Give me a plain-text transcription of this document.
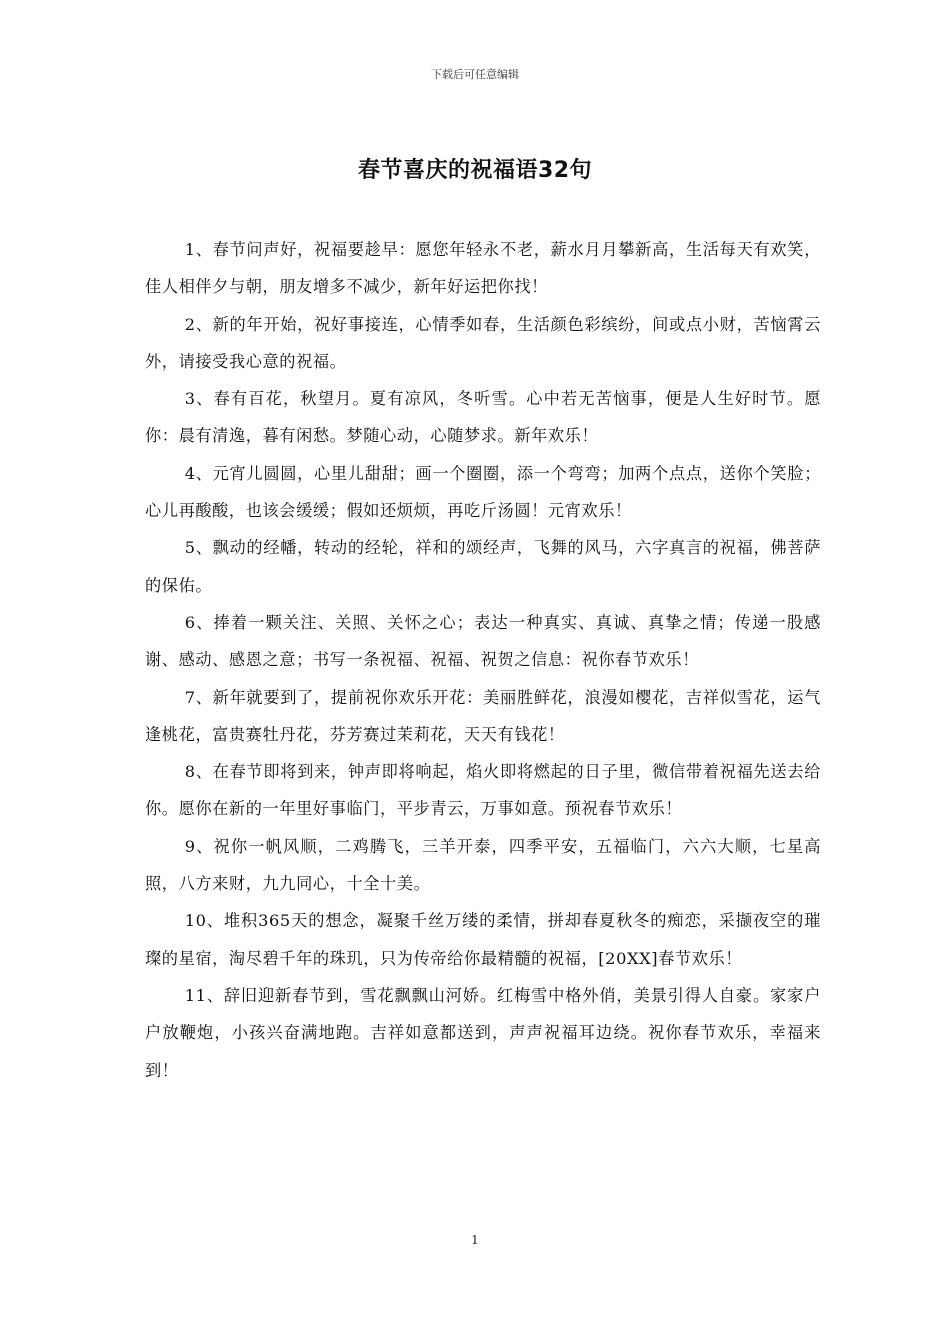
下载后可任意编辑
春节喜庆的祝福语32句

1、春节问声好，祝福要趁早：愿您年轻永不老，薪水月月攀新高，生活每天有欢笑，佳人相伴夕与朝，朋友增多不减少，新年好运把你找！

2、新的年开始，祝好事接连，心情季如春，生活颜色彩缤纷，间或点小财，苦恼霄云外，请接受我心意的祝福。

3、春有百花，秋望月。夏有凉风，冬听雪。心中若无苦恼事，便是人生好时节。愿你：晨有清逸，暮有闲愁。梦随心动，心随梦求。新年欢乐！

4、元宵儿圆圆，心里儿甜甜；画一个圈圈，添一个弯弯；加两个点点，送你个笑脸；心儿再酸酸，也该会缓缓；假如还烦烦，再吃斤汤圆！元宵欢乐！

5、飘动的经幡，转动的经轮，祥和的颂经声，飞舞的风马，六字真言的祝福，佛菩萨的保佑。

6、捧着一颗关注、关照、关怀之心；表达一种真实、真诚、真挚之情；传递一股感谢、感动、感恩之意；书写一条祝福、祝福、祝贺之信息：祝你春节欢乐！

7、新年就要到了，提前祝你欢乐开花：美丽胜鲜花，浪漫如樱花，吉祥似雪花，运气逢桃花，富贵赛牡丹花，芬芳赛过茉莉花，天天有钱花！

8、在春节即将到来，钟声即将响起，焰火即将燃起的日子里，微信带着祝福先送去给你。愿你在新的一年里好事临门，平步青云，万事如意。预祝春节欢乐！

9、祝你一帆风顺，二鸡腾飞，三羊开泰，四季平安，五福临门，六六大顺，七星高照，八方来财，九九同心，十全十美。

10、堆积365天的想念，凝聚千丝万缕的柔情，拼却春夏秋冬的痴恋，采撷夜空的璀璨的星宿，淘尽碧千年的珠玑，只为传帝给你最精髓的祝福，[20XX]春节欢乐！

11、辞旧迎新春节到，雪花飘飘山河娇。红梅雪中格外俏，美景引得人自豪。家家户户放鞭炮，小孩兴奋满地跑。吉祥如意都送到，声声祝福耳边绕。祝你春节欢乐，幸福来到！

1
